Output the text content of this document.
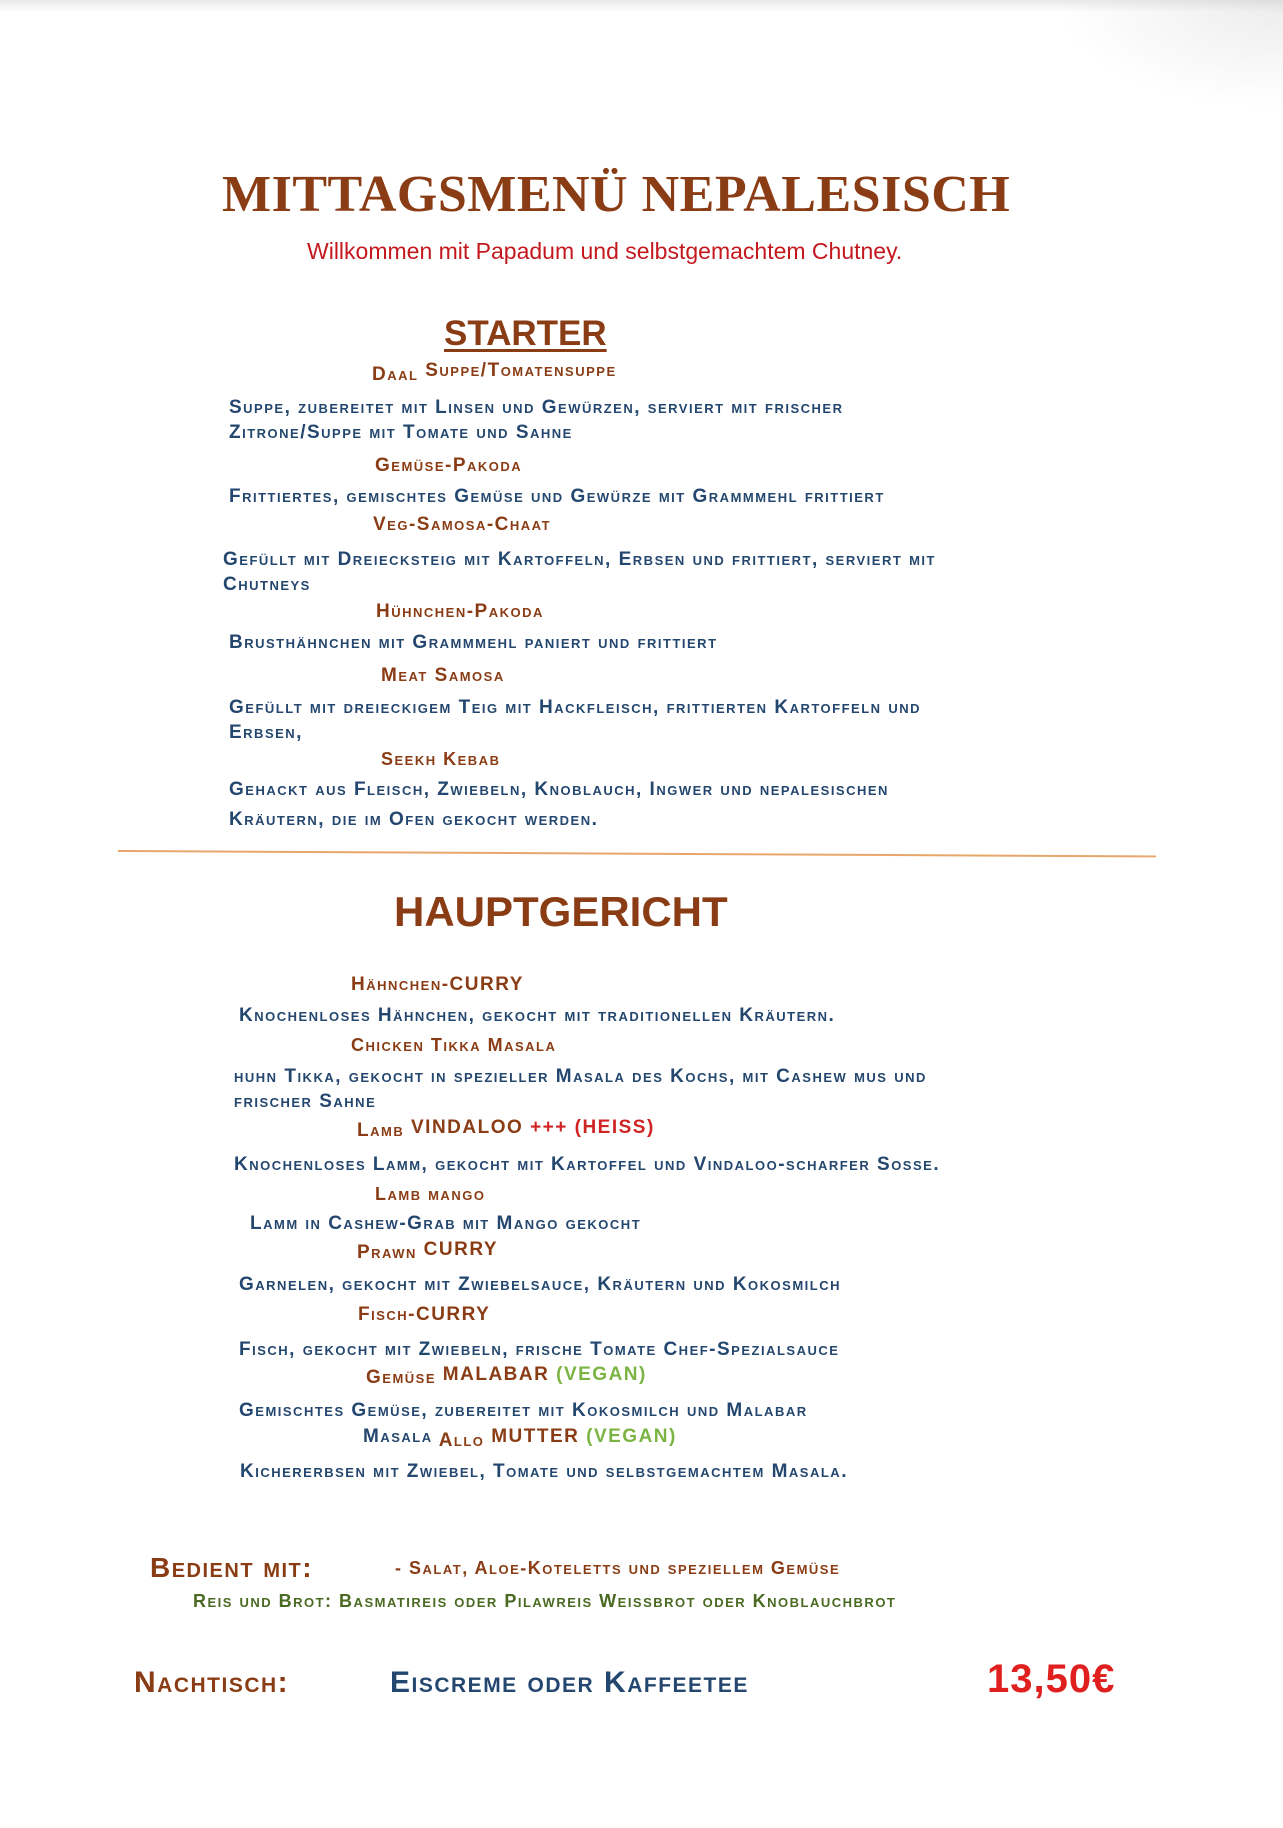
MITTAGSMENÜ NEPALESISCH
Willkommen mit Papadum und selbstgemachtem Chutney.
STARTER
Daal Suppe/Tomatensuppe
Suppe, zubereitet mit Linsen und Gewürzen, serviert mit frischer
Zitrone/Suppe mit Tomate und Sahne
Gemüse-Pakoda
Frittiertes, gemischtes Gemüse und Gewürze mit Grammmehl frittiert
Veg-Samosa-Chaat
Gefüllt mit Dreiecksteig mit Kartoffeln, Erbsen und frittiert, serviert mit
Chutneys
Hühnchen-Pakoda
Brusthähnchen mit Grammmehl paniert und frittiert
Meat Samosa
Gefüllt mit dreieckigem Teig mit Hackfleisch, frittierten Kartoffeln und
Erbsen,
Seekh Kebab
Gehackt aus Fleisch, Zwiebeln, Knoblauch, Ingwer und nepalesischen
Kräutern, die im Ofen gekocht werden.
HAUPTGERICHT
Hähnchen-CURRY
Knochenloses Hähnchen, gekocht mit traditionellen Kräutern.
Chicken Tikka Masala
huhn Tikka, gekocht in spezieller Masala des Kochs, mit Cashew mus und
frischer Sahne
Lamb VINDALOO +++ (HEISS)
Knochenloses Lamm, gekocht mit Kartoffel und Vindaloo-scharfer Sosse.
Lamb mango
Lamm in Cashew-Grab mit Mango gekocht
Prawn CURRY
Garnelen, gekocht mit Zwiebelsauce, Kräutern und Kokosmilch
Fisch-CURRY
Fisch, gekocht mit Zwiebeln, frische Tomate Chef-Spezialsauce
Gemüse MALABAR (VEGAN)
Gemischtes Gemüse, zubereitet mit Kokosmilch und Malabar
Masala Allo MUTTER (VEGAN)
Kichererbsen mit Zwiebel, Tomate und selbstgemachtem Masala.
Bedient mit:	- Salat, Aloe-Koteletts und speziellem Gemüse
Reis und Brot: Basmatireis oder Pilawreis Weissbrot oder Knoblauchbrot
Nachtisch:	Eiscreme oder Kaffeetee	13,50€
